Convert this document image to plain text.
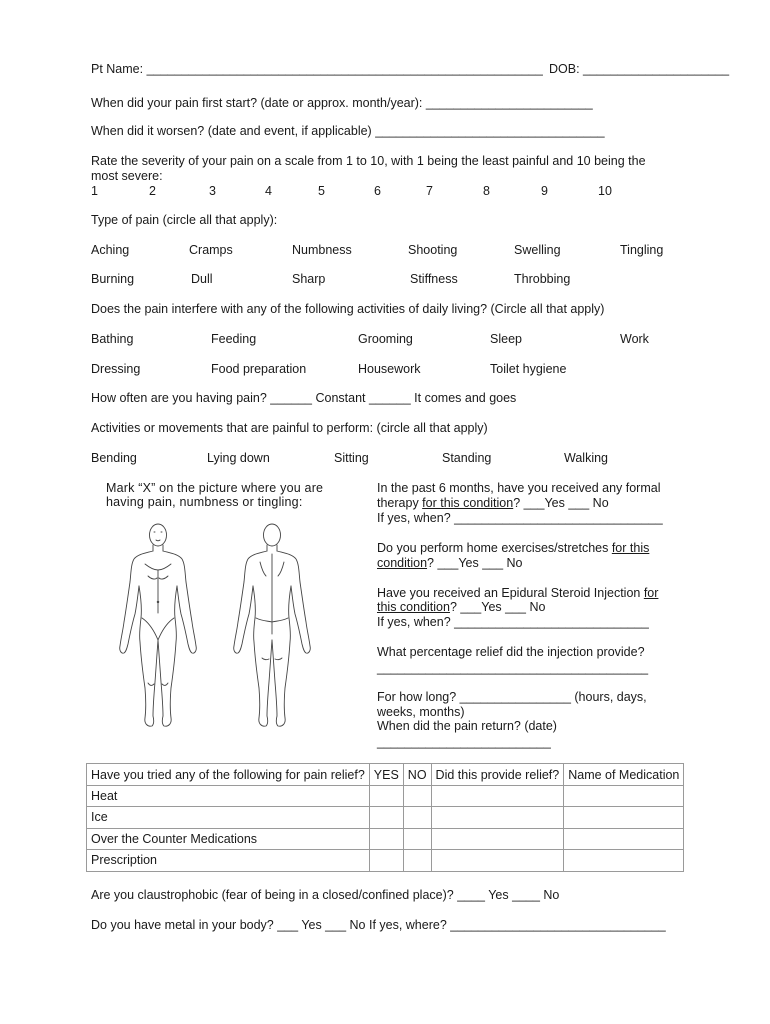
Pt Name: _________________________________________________________ DOB: _____________________
When did your pain first start? (date or approx. month/year): ________________________
When did it worsen? (date and event, if applicable) _________________________________
Rate the severity of your pain on a scale from 1 to 10, with 1 being the least painful and 10 being the
most severe:
1	2	3	4	5	6	7	8	9	10
Type of pain (circle all that apply):
Aching	Cramps	Numbness	Shooting	Swelling	Tingling
Burning	Dull	Sharp	Stiffness	Throbbing
Does the pain interfere with any of the following activities of daily living? (Circle all that apply)
Bathing	Feeding	Grooming	Sleep	Work
Dressing	Food preparation	Housework	Toilet hygiene
How often are you having pain? ______ Constant ______ It comes and goes
Activities or movements that are painful to perform: (circle all that apply)
Bending	Lying down	Sitting	Standing	Walking
Mark “X” on the picture where you are
having pain, numbness or tingling:
In the past 6 months, have you received any formal
therapy for this condition? ___Yes ___ No
If yes, when? ______________________________
Do you perform home exercises/stretches for this
condition? ___Yes ___ No
Have you received an Epidural Steroid Injection for
this condition? ___Yes ___ No
If yes, when? ____________________________
What percentage relief did the injection provide?
_______________________________________
For how long? ________________ (hours, days,
weeks, months)
When did the pain return? (date)
_________________________
Have you tried any of the following for pain relief?	YES	NO	Did this provide relief?	Name of Medication
Heat				
Ice				
Over the Counter Medications				
Prescription				
Are you claustrophobic (fear of being in a closed/confined place)? ____ Yes ____ No
Do you have metal in your body? ___ Yes ___ No If yes, where? _______________________________
